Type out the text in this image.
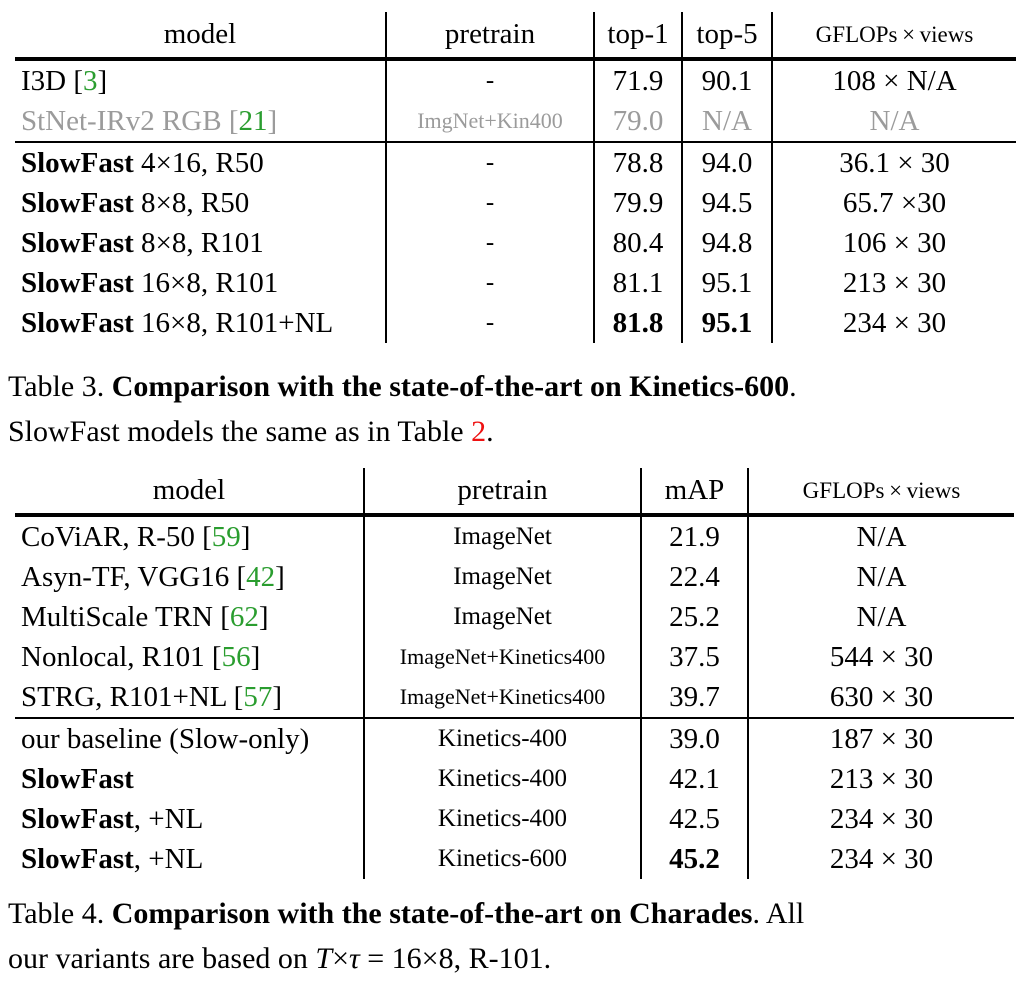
model	pretrain	top-1	top-5	GFLOPs × views
I3D [3]	-	71.9	90.1	108 × N/A
StNet-IRv2 RGB [21]	ImgNet+Kin400	79.0	N/A	N/A
SlowFast 4×16, R50	-	78.8	94.0	36.1 × 30
SlowFast 8×8, R50	-	79.9	94.5	65.7 ×30
SlowFast 8×8, R101	-	80.4	94.8	106 × 30
SlowFast 16×8, R101	-	81.1	95.1	213 × 30
SlowFast 16×8, R101+NL	-	81.8	95.1	234 × 30
Table 3. Comparison with the state-of-the-art on Kinetics-600.
SlowFast models the same as in Table 2.
model	pretrain	mAP	GFLOPs × views
CoViAR, R-50 [59]	ImageNet	21.9	N/A
Asyn-TF, VGG16 [42]	ImageNet	22.4	N/A
MultiScale TRN [62]	ImageNet	25.2	N/A
Nonlocal, R101 [56]	ImageNet+Kinetics400	37.5	544 × 30
STRG, R101+NL [57]	ImageNet+Kinetics400	39.7	630 × 30
our baseline (Slow-only)	Kinetics-400	39.0	187 × 30
SlowFast	Kinetics-400	42.1	213 × 30
SlowFast, +NL	Kinetics-400	42.5	234 × 30
SlowFast, +NL	Kinetics-600	45.2	234 × 30
Table 4. Comparison with the state-of-the-art on Charades. All
our variants are based on T×τ = 16×8, R-101.
